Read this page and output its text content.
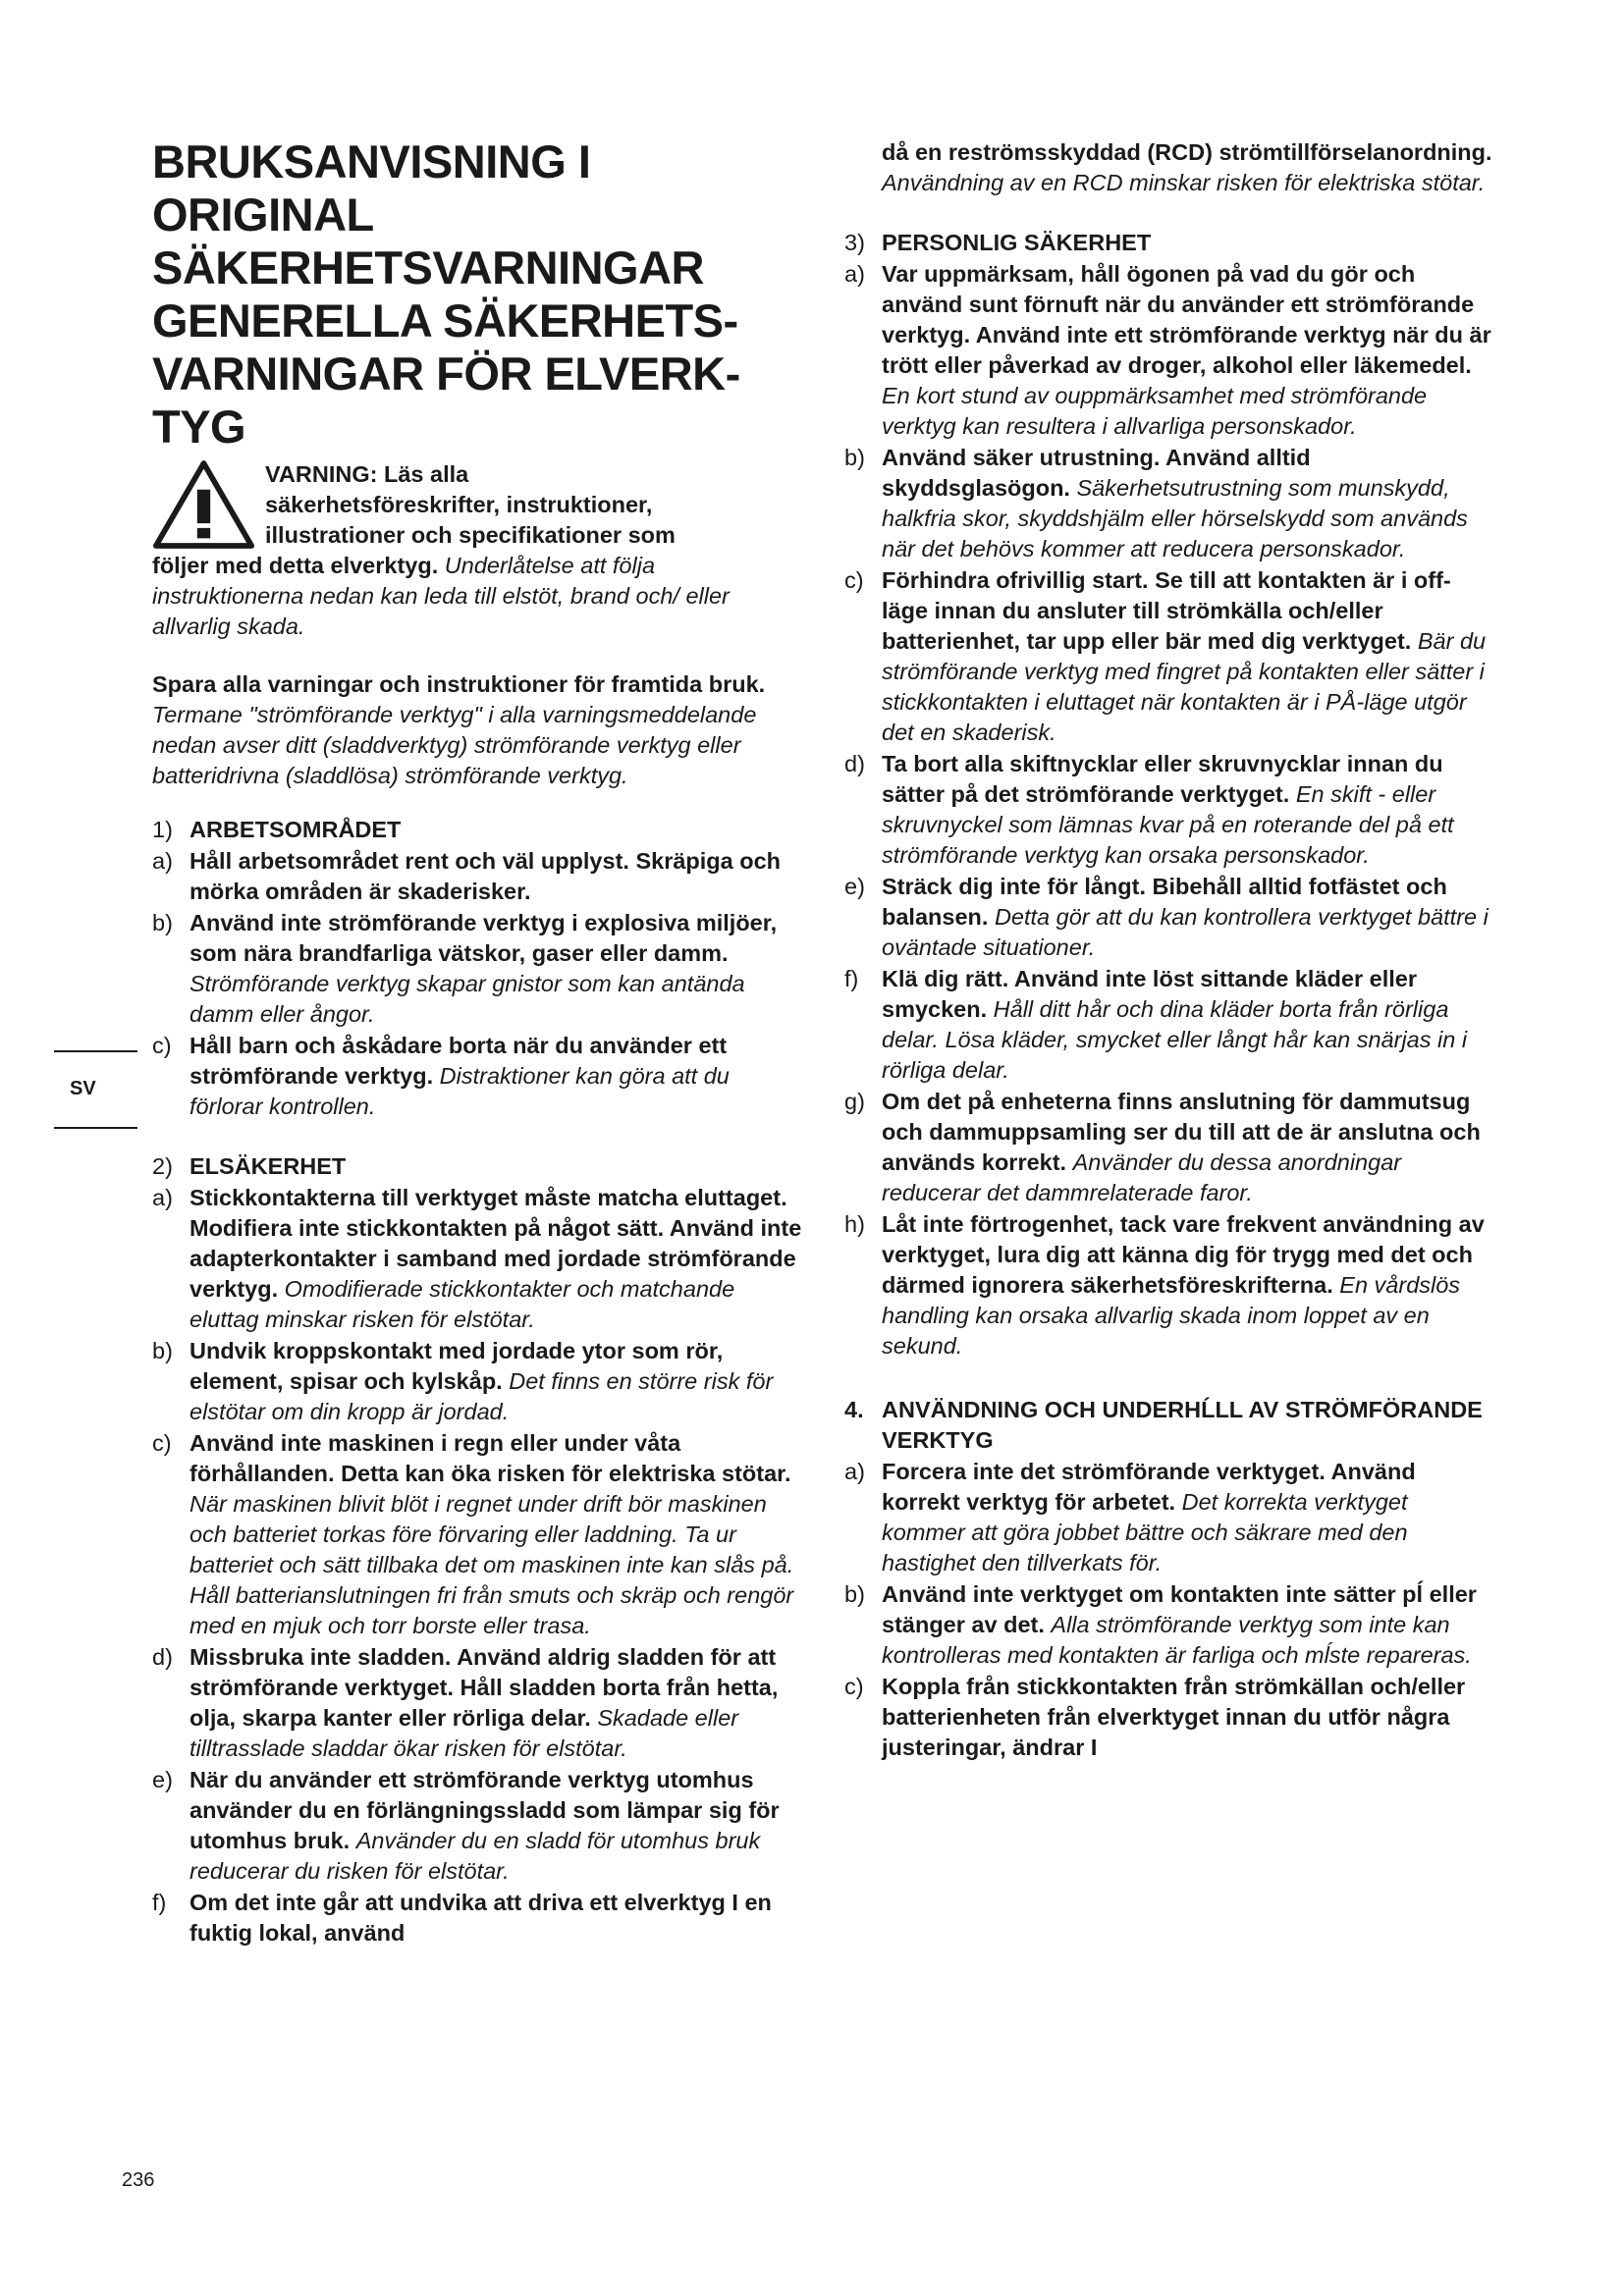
SV
BRUKSANVISNING I ORIGINAL
SÄKERHETSVARNINGAR
GENERELLA SÄKERHETS-
VARNINGAR FÖR ELVERK-
TYG
VARNING: Läs alla
säkerhetsföreskrifter, instruktioner,
illustrationer och specifikationer som

följer med detta elverktyg. Underlåtelse att följa instruktionerna nedan kan leda till elstöt, brand och/ eller allvarlig skada.

Spara alla varningar och instruktioner för framtida bruk.

Termane "strömförande verktyg" i alla varningsmeddelande nedan avser ditt (sladdverktyg) strömförande verktyg eller batteridrivna (sladdlösa) strömförande verktyg.

1) ARBETSOMRÅDET
a) Håll arbetsområdet rent och väl upplyst. Skräpiga och mörka områden är skaderisker.
b) Använd inte strömförande verktyg i explosiva miljöer, som nära brandfarliga vätskor, gaser eller damm. Strömförande verktyg skapar gnistor som kan antända damm eller ångor.
c) Håll barn och åskådare borta när du använder ett strömförande verktyg. Distraktioner kan göra att du förlorar kontrollen.
2) ELSÄKERHET
a) Stickkontakterna till verktyget måste matcha eluttaget. Modifiera inte stickkontakten på något sätt. Använd inte adapterkontakter i samband med jordade strömförande verktyg. Omodifierade stickkontakter och matchande eluttag minskar risken för elstötar.
b) Undvik kroppskontakt med jordade ytor som rör, element, spisar och kylskåp. Det finns en större risk för elstötar om din kropp är jordad.
c) Använd inte maskinen i regn eller under våta förhållanden. Detta kan öka risken för elektriska stötar. När maskinen blivit blöt i regnet under drift bör maskinen och batteriet torkas före förvaring eller laddning. Ta ur batteriet och sätt tillbaka det om maskinen inte kan slås på. Håll batterianslutningen fri från smuts och skräp och rengör med en mjuk och torr borste eller trasa.
d) Missbruka inte sladden. Använd aldrig sladden för att strömförande verktyget. Håll sladden borta från hetta, olja, skarpa kanter eller rörliga delar. Skadade eller tilltrasslade sladdar ökar risken för elstötar.
e) När du använder ett strömförande verktyg utomhus använder du en förlängningssladd som lämpar sig för utomhus bruk. Använder du en sladd för utomhus bruk reducerar du risken för elstötar.
f) Om det inte går att undvika att driva ett elverktyg I en fuktig lokal, använd
då en reströmsskyddad (RCD) strömtillförselanordning. Användning av en RCD minskar risken för elektriska stötar.
3) PERSONLIG SÄKERHET
a) Var uppmärksam, håll ögonen på vad du gör och använd sunt förnuft när du använder ett strömförande verktyg. Använd inte ett strömförande verktyg när du är trött eller påverkad av droger, alkohol eller läkemedel. En kort stund av ouppmärksamhet med strömförande verktyg kan resultera i allvarliga personskador.
b) Använd säker utrustning. Använd alltid skyddsglasögon. Säkerhetsutrustning som munskydd, halkfria skor, skyddshjälm eller hörselskydd som används när det behövs kommer att reducera personskador.
c) Förhindra ofrivillig start. Se till att kontakten är i off-läge innan du ansluter till strömkälla och/eller batterienhet, tar upp eller bär med dig verktyget. Bär du strömförande verktyg med fingret på kontakten eller sätter i stickkontakten i eluttaget när kontakten är i PÅ-läge utgör det en skaderisk.
d) Ta bort alla skiftnycklar eller skruvnycklar innan du sätter på det strömförande verktyget. En skift - eller skruvnyckel som lämnas kvar på en roterande del på ett strömförande verktyg kan orsaka personskador.
e) Sträck dig inte för långt. Bibehåll alltid fotfästet och balansen. Detta gör att du kan kontrollera verktyget bättre i oväntade situationer.
f) Klä dig rätt. Använd inte löst sittande kläder eller smycken. Håll ditt hår och dina kläder borta från rörliga delar. Lösa kläder, smycket eller långt hår kan snärjas in i rörliga delar.
g) Om det på enheterna finns anslutning för dammutsug och dammuppsamling ser du till att de är anslutna och används korrekt. Använder du dessa anordningar reducerar det dammrelaterade faror.
h) Låt inte förtrogenhet, tack vare frekvent användning av verktyget, lura dig att känna dig för trygg med det och därmed ignorera säkerhetsföreskrifterna. En vårdslös handling kan orsaka allvarlig skada inom loppet av en sekund.
4. ANVÄNDNING OCH UNDERHĹLL AV STRÖMFÖRANDE VERKTYG
a) Forcera inte det strömförande verktyget. Använd korrekt verktyg för arbetet. Det korrekta verktyget kommer att göra jobbet bättre och säkrare med den hastighet den tillverkats för.
b) Använd inte verktyget om kontakten inte sätter pĺ eller stänger av det. Alla strömförande verktyg som inte kan kontrolleras med kontakten är farliga och mĺste repareras.
c) Koppla från stickkontakten från strömkällan och/eller batterienheten från elverktyget innan du utför några justeringar, ändrar I
236
